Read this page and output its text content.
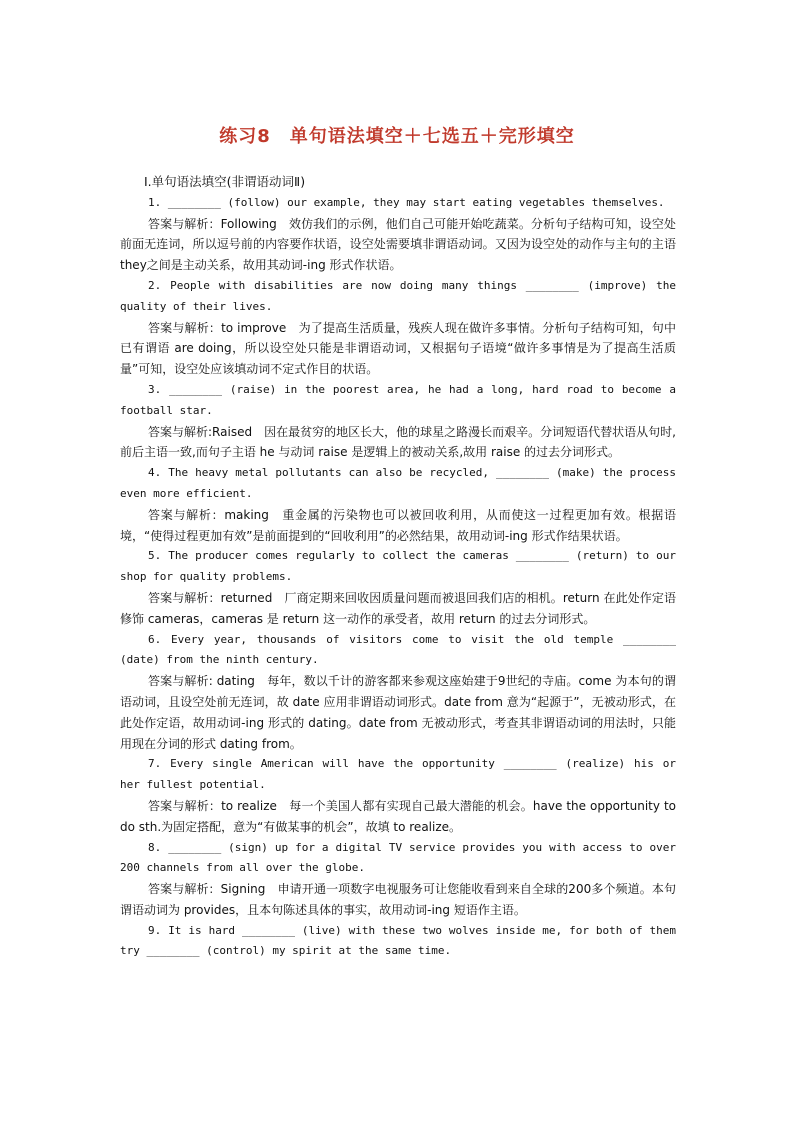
练习8　单句语法填空＋七选五＋完形填空
Ⅰ.单句语法填空(非谓语动词Ⅱ)

1. ________ (follow) our example, they may start eating vegetables themselves.

答案与解析：Following　效仿我们的示例，他们自己可能开始吃蔬菜。分析句子结构可知，设空处前面无连词，所以逗号前的内容要作状语，设空处需要填非谓语动词。又因为设空处的动作与主句的主语 they之间是主动关系，故用其动词-ing 形式作状语。

2. People with disabilities are now doing many things ________ (improve) the quality of their lives.

答案与解析：to improve　为了提高生活质量，残疾人现在做许多事情。分析句子结构可知，句中已有谓语 are doing，所以设空处只能是非谓语动词，又根据句子语境“做许多事情是为了提高生活质量”可知，设空处应该填动词不定式作目的状语。

3. ________ (raise) in the poorest area, he had a long, hard road to become a football star.

答案与解析:Raised　因在最贫穷的地区长大，他的球星之路漫长而艰辛。分词短语代替状语从句时,前后主语一致,而句子主语 he 与动词 raise 是逻辑上的被动关系,故用 raise 的过去分词形式。

4. The heavy metal pollutants can also be recycled, ________ (make) the process even more efficient.

答案与解析：making　重金属的污染物也可以被回收利用，从而使这一过程更加有效。根据语境，“使得过程更加有效”是前面提到的“回收利用”的必然结果，故用动词-ing 形式作结果状语。

5. The producer comes regularly to collect the cameras ________ (return) to our shop for quality problems.

答案与解析：returned　厂商定期来回收因质量问题而被退回我们店的相机。return 在此处作定语修饰 cameras，cameras 是 return 这一动作的承受者，故用 return 的过去分词形式。

6. Every year, thousands of visitors come to visit the old temple ________ (date) from the ninth century.

答案与解析: dating　每年，数以千计的游客都来参观这座始建于9世纪的寺庙。come 为本句的谓语动词，且设空处前无连词，故 date 应用非谓语动词形式。date from 意为“起源于”，无被动形式，在此处作定语，故用动词-ing 形式的 dating。date from 无被动形式，考查其非谓语动词的用法时，只能用现在分词的形式 dating from。

7. Every single American will have the opportunity ________ (realize) his or her fullest potential.

答案与解析：to realize　每一个美国人都有实现自己最大潜能的机会。have the opportunity to do sth.为固定搭配，意为“有做某事的机会”，故填 to realize。

8. ________ (sign) up for a digital TV service provides you with access to over 200 channels from all over the globe.

答案与解析：Signing　申请开通一项数字电视服务可让您能收看到来自全球的200多个频道。本句谓语动词为 provides，且本句陈述具体的事实，故用动词-ing 短语作主语。

9. It is hard ________ (live) with these two wolves inside me, for both of them try ________ (control) my spirit at the same time.
